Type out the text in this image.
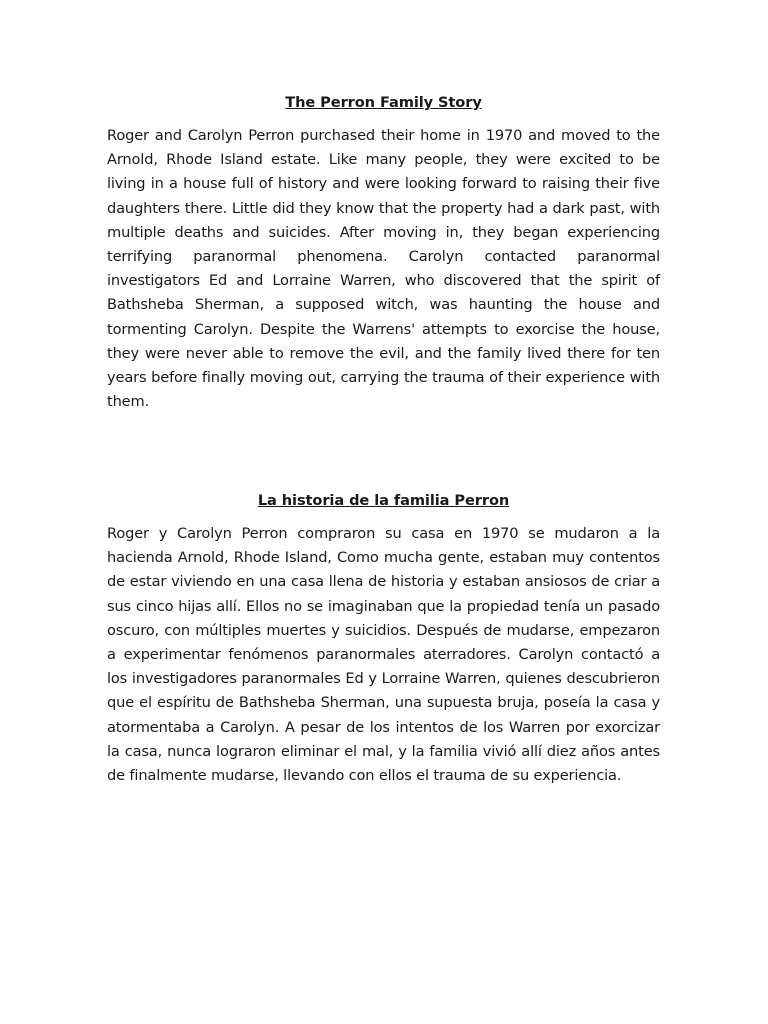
The Perron Family Story

Roger and Carolyn Perron purchased their home in 1970 and moved to the Arnold, Rhode Island estate. Like many people, they were excited to be living in a house full of history and were looking forward to raising their five daughters there. Little did they know that the property had a dark past, with multiple deaths and suicides. After moving in, they began experiencing terrifying paranormal phenomena. Carolyn contacted paranormal investigators Ed and Lorraine Warren, who discovered that the spirit of Bathsheba Sherman, a supposed witch, was haunting the house and tormenting Carolyn. Despite the Warrens' attempts to exorcise the house, they were never able to remove the evil, and the family lived there for ten years before finally moving out, carrying the trauma of their experience with them.

La historia de la familia Perron

Roger y Carolyn Perron compraron su casa en 1970 se mudaron a la hacienda Arnold, Rhode Island, Como mucha gente, estaban muy contentos de estar viviendo en una casa llena de historia y estaban ansiosos de criar a sus cinco hijas allí. Ellos no se imaginaban que la propiedad tenía un pasado oscuro, con múltiples muertes y suicidios. Después de mudarse, empezaron a experimentar fenómenos paranormales aterradores. Carolyn contactó a los investigadores paranormales Ed y Lorraine Warren, quienes descubrieron que el espíritu de Bathsheba Sherman, una supuesta bruja, poseía la casa y atormentaba a Carolyn. A pesar de los intentos de los Warren por exorcizar la casa, nunca lograron eliminar el mal, y la familia vivió allí diez años antes de finalmente mudarse, llevando con ellos el trauma de su experiencia.
